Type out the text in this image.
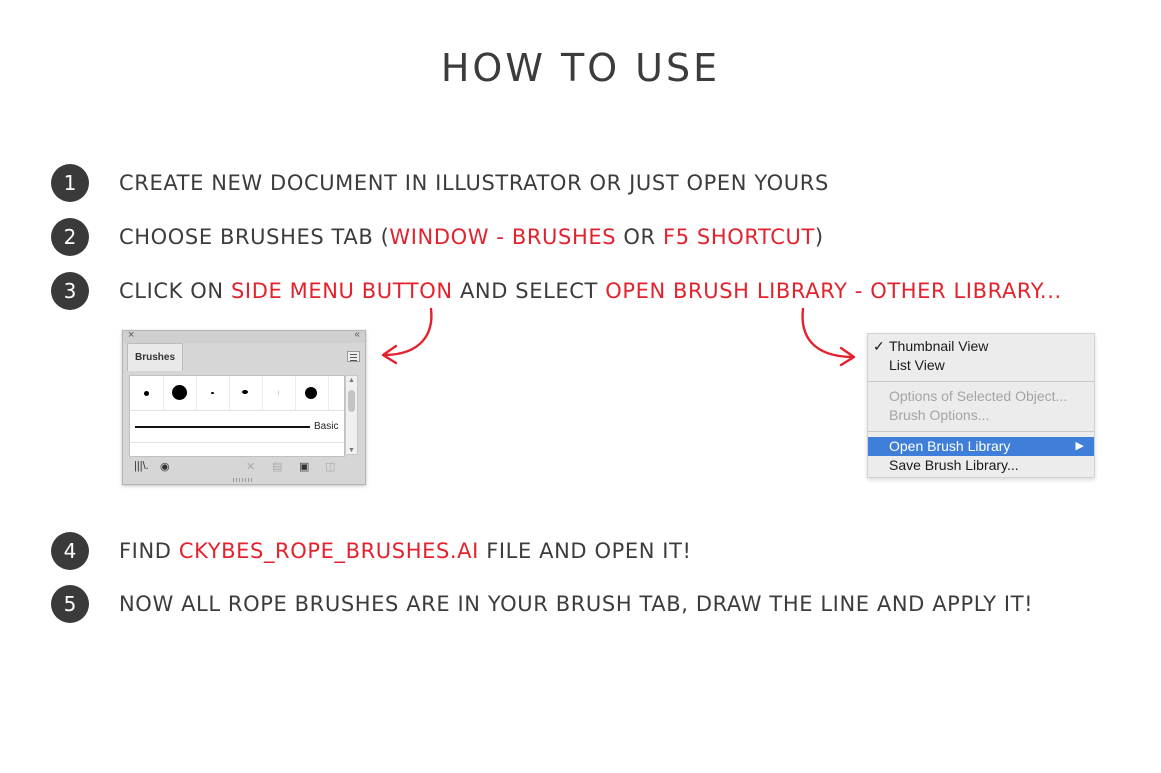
HOW TO USE
1	CREATE NEW DOCUMENT IN ILLUSTRATOR OR JUST OPEN YOURS
2	CHOOSE BRUSHES TAB (WINDOW - BRUSHES OR F5 SHORTCUT)
3	CLICK ON SIDE MENU BUTTON AND SELECT OPEN BRUSH LIBRARY - OTHER LIBRARY...
×	‹‹
Brushes
Basic
▲
▼
|||\. ◉	✕ ▤ ▣ ◫
✓ Thumbnail View
List View
Options of Selected Object...
Brush Options...
Open Brush Library	▶
Save Brush Library...
4	FIND CKYBES_ROPE_BRUSHES.AI FILE AND OPEN IT!
5	NOW ALL ROPE BRUSHES ARE IN YOUR BRUSH TAB, DRAW THE LINE AND APPLY IT!
